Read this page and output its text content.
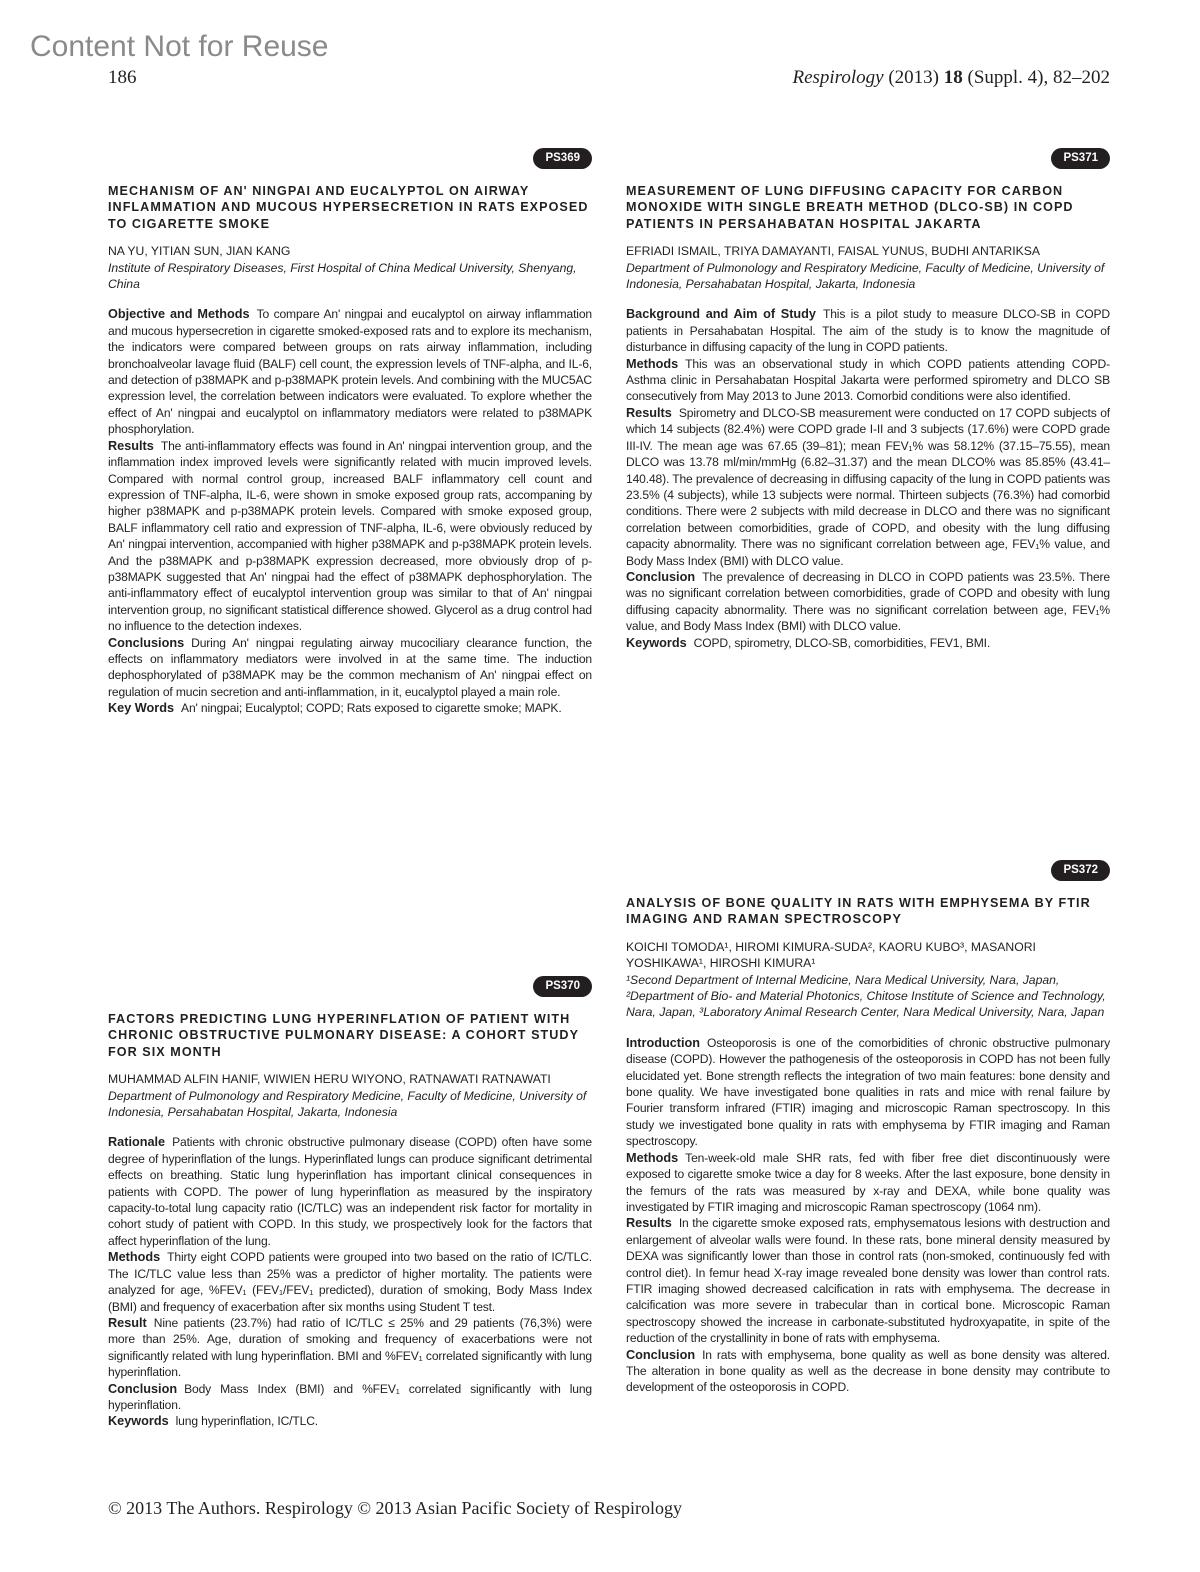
Content Not for Reuse
186	Respirology (2013) 18 (Suppl. 4), 82–202
PS369
MECHANISM OF AN' NINGPAI AND EUCALYPTOL ON AIRWAY INFLAMMATION AND MUCOUS HYPERSECRETION IN RATS EXPOSED TO CIGARETTE SMOKE
NA YU, YITIAN SUN, JIAN KANG
Institute of Respiratory Diseases, First Hospital of China Medical University, Shenyang, China

Objective and Methods To compare An' ningpai and eucalyptol on airway inflammation and mucous hypersecretion in cigarette smoked-exposed rats and to explore its mechanism, the indicators were compared between groups on rats airway inflammation, including bronchoalveolar lavage fluid (BALF) cell count, the expression levels of TNF-alpha, and IL-6, and detection of p38MAPK and p-p38MAPK protein levels. And combining with the MUC5AC expression level, the correlation between indicators were evaluated. To explore whether the effect of An' ningpai and eucalyptol on inflammatory mediators were related to p38MAPK phosphorylation.

Results The anti-inflammatory effects was found in An' ningpai intervention group, and the inflammation index improved levels were significantly related with mucin improved levels. Compared with normal control group, increased BALF inflammatory cell count and expression of TNF-alpha, IL-6, were shown in smoke exposed group rats, accompaning by higher p38MAPK and p-p38MAPK protein levels. Compared with smoke exposed group, BALF inflammatory cell ratio and expression of TNF-alpha, IL-6, were obviously reduced by An' ningpai intervention, accompanied with higher p38MAPK and p-p38MAPK protein levels. And the p38MAPK and p-p38MAPK expression decreased, more obviously drop of p-p38MAPK suggested that An' ningpai had the effect of p38MAPK dephosphorylation. The anti-inflammatory effect of eucalyptol intervention group was similar to that of An' ningpai intervention group, no significant statistical difference showed. Glycerol as a drug control had no influence to the detection indexes.

Conclusions During An' ningpai regulating airway mucociliary clearance function, the effects on inflammatory mediators were involved in at the same time. The induction dephosphorylated of p38MAPK may be the common mechanism of An' ningpai effect on regulation of mucin secretion and anti-inflammation, in it, eucalyptol played a main role.

Key Words An' ningpai; Eucalyptol; COPD; Rats exposed to cigarette smoke; MAPK.

PS371
MEASUREMENT OF LUNG DIFFUSING CAPACITY FOR CARBON MONOXIDE WITH SINGLE BREATH METHOD (DLCO-SB) IN COPD PATIENTS IN PERSAHABATAN HOSPITAL JAKARTA
EFRIADI ISMAIL, TRIYA DAMAYANTI, FAISAL YUNUS, BUDHI ANTARIKSA
Department of Pulmonology and Respiratory Medicine, Faculty of Medicine, University of Indonesia, Persahabatan Hospital, Jakarta, Indonesia

Background and Aim of Study This is a pilot study to measure DLCO-SB in COPD patients in Persahabatan Hospital. The aim of the study is to know the magnitude of disturbance in diffusing capacity of the lung in COPD patients.

Methods This was an observational study in which COPD patients attending COPD-Asthma clinic in Persahabatan Hospital Jakarta were performed spirometry and DLCO SB consecutively from May 2013 to June 2013. Comorbid conditions were also identified.

Results Spirometry and DLCO-SB measurement were conducted on 17 COPD subjects of which 14 subjects (82.4%) were COPD grade I-II and 3 subjects (17.6%) were COPD grade III-IV. The mean age was 67.65 (39–81); mean FEV₁% was 58.12% (37.15–75.55), mean DLCO was 13.78 ml/min/mmHg (6.82–31.37) and the mean DLCO% was 85.85% (43.41–140.48). The prevalence of decreasing in diffusing capacity of the lung in COPD patients was 23.5% (4 subjects), while 13 subjects were normal. Thirteen subjects (76.3%) had comorbid conditions. There were 2 subjects with mild decrease in DLCO and there was no significant correlation between comorbidities, grade of COPD, and obesity with the lung diffusing capacity abnormality. There was no significant correlation between age, FEV₁% value, and Body Mass Index (BMI) with DLCO value.

Conclusion The prevalence of decreasing in DLCO in COPD patients was 23.5%. There was no significant correlation between comorbidities, grade of COPD and obesity with lung diffusing capacity abnormality. There was no significant correlation between age, FEV₁% value, and Body Mass Index (BMI) with DLCO value.

Keywords COPD, spirometry, DLCO-SB, comorbidities, FEV1, BMI.

PS370
FACTORS PREDICTING LUNG HYPERINFLATION OF PATIENT WITH CHRONIC OBSTRUCTIVE PULMONARY DISEASE: A COHORT STUDY FOR SIX MONTH
MUHAMMAD ALFIN HANIF, WIWIEN HERU WIYONO, RATNAWATI RATNAWATI
Department of Pulmonology and Respiratory Medicine, Faculty of Medicine, University of Indonesia, Persahabatan Hospital, Jakarta, Indonesia

Rationale Patients with chronic obstructive pulmonary disease (COPD) often have some degree of hyperinflation of the lungs. Hyperinflated lungs can produce significant detrimental effects on breathing. Static lung hyperinflation has important clinical consequences in patients with COPD. The power of lung hyperinflation as measured by the inspiratory capacity-to-total lung capacity ratio (IC/TLC) was an independent risk factor for mortality in cohort study of patient with COPD. In this study, we prospectively look for the factors that affect hyperinflation of the lung.

Methods Thirty eight COPD patients were grouped into two based on the ratio of IC/TLC. The IC/TLC value less than 25% was a predictor of higher mortality. The patients were analyzed for age, %FEV₁ (FEV₁/FEV₁ predicted), duration of smoking, Body Mass Index (BMI) and frequency of exacerbation after six months using Student T test.

Result Nine patients (23.7%) had ratio of IC/TLC ≤ 25% and 29 patients (76,3%) were more than 25%. Age, duration of smoking and frequency of exacerbations were not significantly related with lung hyperinflation. BMI and %FEV₁ correlated significantly with lung hyperinflation.

Conclusion Body Mass Index (BMI) and %FEV₁ correlated significantly with lung hyperinflation.

Keywords lung hyperinflation, IC/TLC.

PS372
ANALYSIS OF BONE QUALITY IN RATS WITH EMPHYSEMA BY FTIR IMAGING AND RAMAN SPECTROSCOPY
KOICHI TOMODA¹, HIROMI KIMURA-SUDA², KAORU KUBO³, MASANORI YOSHIKAWA¹, HIROSHI KIMURA¹
¹Second Department of Internal Medicine, Nara Medical University, Nara, Japan, ²Department of Bio- and Material Photonics, Chitose Institute of Science and Technology, Nara, Japan, ³Laboratory Animal Research Center, Nara Medical University, Nara, Japan

Introduction Osteoporosis is one of the comorbidities of chronic obstructive pulmonary disease (COPD). However the pathogenesis of the osteoporosis in COPD has not been fully elucidated yet. Bone strength reflects the integration of two main features: bone density and bone quality. We have investigated bone qualities in rats and mice with renal failure by Fourier transform infrared (FTIR) imaging and microscopic Raman spectroscopy. In this study we investigated bone quality in rats with emphysema by FTIR imaging and Raman spectroscopy.

Methods Ten-week-old male SHR rats, fed with fiber free diet discontinuously were exposed to cigarette smoke twice a day for 8 weeks. After the last exposure, bone density in the femurs of the rats was measured by x-ray and DEXA, while bone quality was investigated by FTIR imaging and microscopic Raman spectroscopy (1064 nm).

Results In the cigarette smoke exposed rats, emphysematous lesions with destruction and enlargement of alveolar walls were found. In these rats, bone mineral density measured by DEXA was significantly lower than those in control rats (non-smoked, continuously fed with control diet). In femur head X-ray image revealed bone density was lower than control rats. FTIR imaging showed decreased calcification in rats with emphysema. The decrease in calcification was more severe in trabecular than in cortical bone. Microscopic Raman spectroscopy showed the increase in carbonate-substituted hydroxyapatite, in spite of the reduction of the crystallinity in bone of rats with emphysema.

Conclusion In rats with emphysema, bone quality as well as bone density was altered. The alteration in bone quality as well as the decrease in bone density may contribute to development of the osteoporosis in COPD.

© 2013 The Authors. Respirology © 2013 Asian Pacific Society of Respirology
